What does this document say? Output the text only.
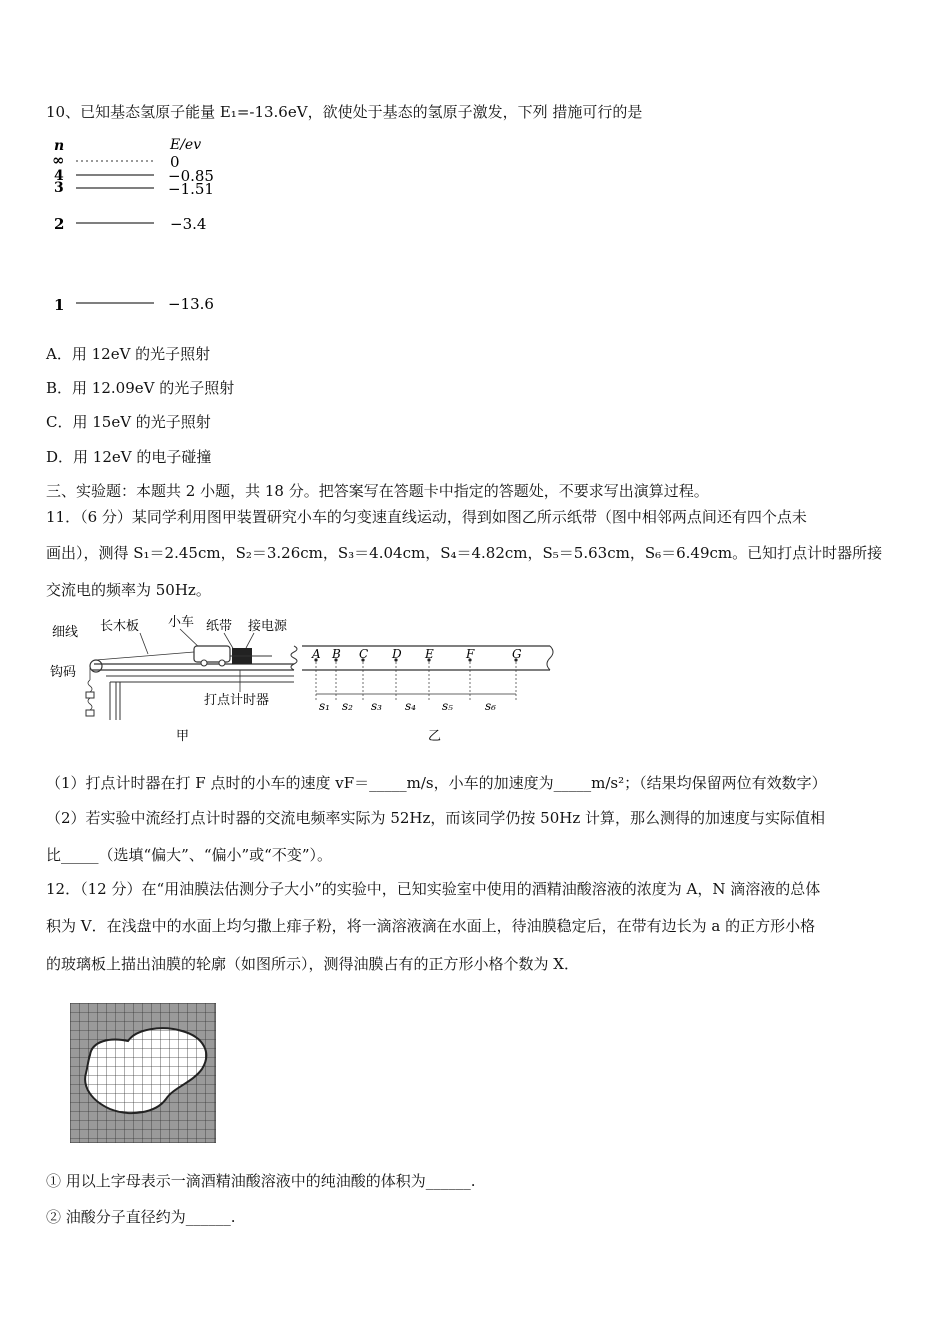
10、已知基态氢原子能量 E₁=-13.6eV，欲使处于基态的氢原子激发，下列 措施可行的是
n	E/ev
∞	0
4	−0.85
3	−1.51
2	−3.4
1	−13.6
A．用 12eV 的光子照射
B．用 12.09eV 的光子照射
C．用 15eV 的光子照射
D．用 12eV 的电子碰撞
三、实验题：本题共 2 小题，共 18 分。把答案写在答题卡中指定的答题处，不要求写出演算过程。
11．（6 分）某同学利用图甲装置研究小车的匀变速直线运动，得到如图乙所示纸带（图中相邻两点间还有四个点未
画出），测得 S₁＝2.45cm，S₂＝3.26cm，S₃＝4.04cm，S₄＝4.82cm，S₅＝5.63cm，S₆＝6.49cm。已知打点计时器所接
交流电的频率为 50Hz。
细线 长木板 小车 纸带 接电源
钩码
打点计时器
A B C D E	F	G
s₁ s₂ s₃ s₄ s₅	s₆
甲	乙
（1）打点计时器在打 F 点时的小车的速度 vF＝_____m/s，小车的加速度为_____m/s²；（结果均保留两位有效数字）
（2）若实验中流经打点计时器的交流电频率实际为 52Hz，而该同学仍按 50Hz 计算，那么测得的加速度与实际值相
比_____（选填“偏大”、“偏小”或“不变”）。
12．（12 分）在“用油膜法估测分子大小”的实验中，已知实验室中使用的酒精油酸溶液的浓度为 A，N 滴溶液的总体
积为 V．在浅盘中的水面上均匀撒上痱子粉，将一滴溶液滴在水面上，待油膜稳定后，在带有边长为 a 的正方形小格
的玻璃板上描出油膜的轮廓（如图所示），测得油膜占有的正方形小格个数为 X．
① 用以上字母表示一滴酒精油酸溶液中的纯油酸的体积为______.
② 油酸分子直径约为______.
